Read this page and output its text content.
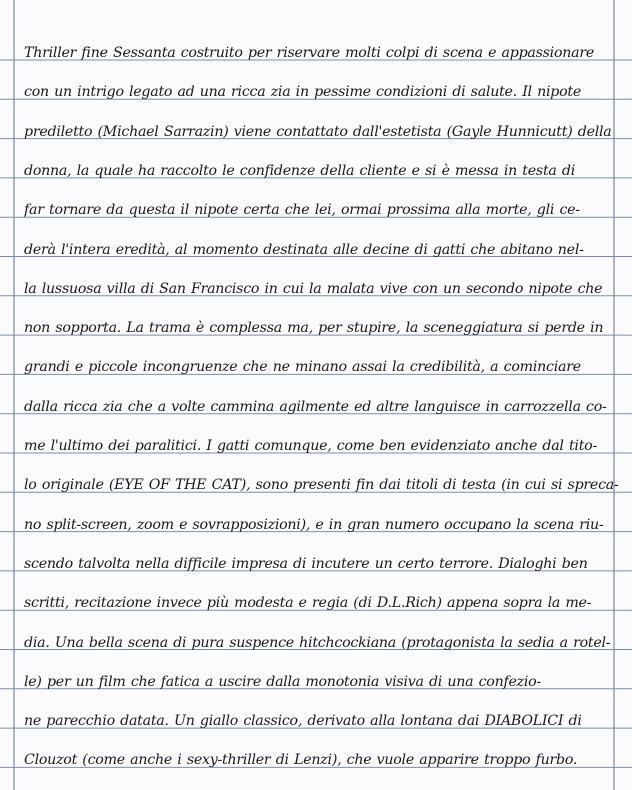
Thriller fine Sessanta costruito per riservare molti colpi di scena e appassionare

con un intrigo legato ad una ricca zia in pessime condizioni di salute. Il nipote

prediletto (Michael Sarrazin) viene contattato dall'estetista (Gayle Hunnicutt) della

donna, la quale ha raccolto le confidenze della cliente e si è messa in testa di

far tornare da questa il nipote certa che lei, ormai prossima alla morte, gli ce-

derà l'intera eredità, al momento destinata alle decine di gatti che abitano nel-

la lussuosa villa di San Francisco in cui la malata vive con un secondo nipote che

non sopporta. La trama è complessa ma, per stupire, la sceneggiatura si perde in

grandi e piccole incongruenze che ne minano assai la credibilità, a cominciare

dalla ricca zia che a volte cammina agilmente ed altre languisce in carrozzella co-

me l'ultimo dei paralitici. I gatti comunque, come ben evidenziato anche dal tito-

lo originale (EYE OF THE CAT), sono presenti fin dai titoli di testa (in cui si spreca-

no split-screen, zoom e sovrapposizioni), e in gran numero occupano la scena riu-

scendo talvolta nella difficile impresa di incutere un certo terrore. Dialoghi ben

scritti, recitazione invece più modesta e regia (di D.L.Rich) appena sopra la me-

dia. Una bella scena di pura suspence hitchcockiana (protagonista la sedia a rotel-

le) per un film che fatica a uscire dalla monotonia visiva di una confezio-

ne parecchio datata. Un giallo classico, derivato alla lontana dai DIABOLICI di

Clouzot (come anche i sexy-thriller di Lenzi), che vuole apparire troppo furbo.
